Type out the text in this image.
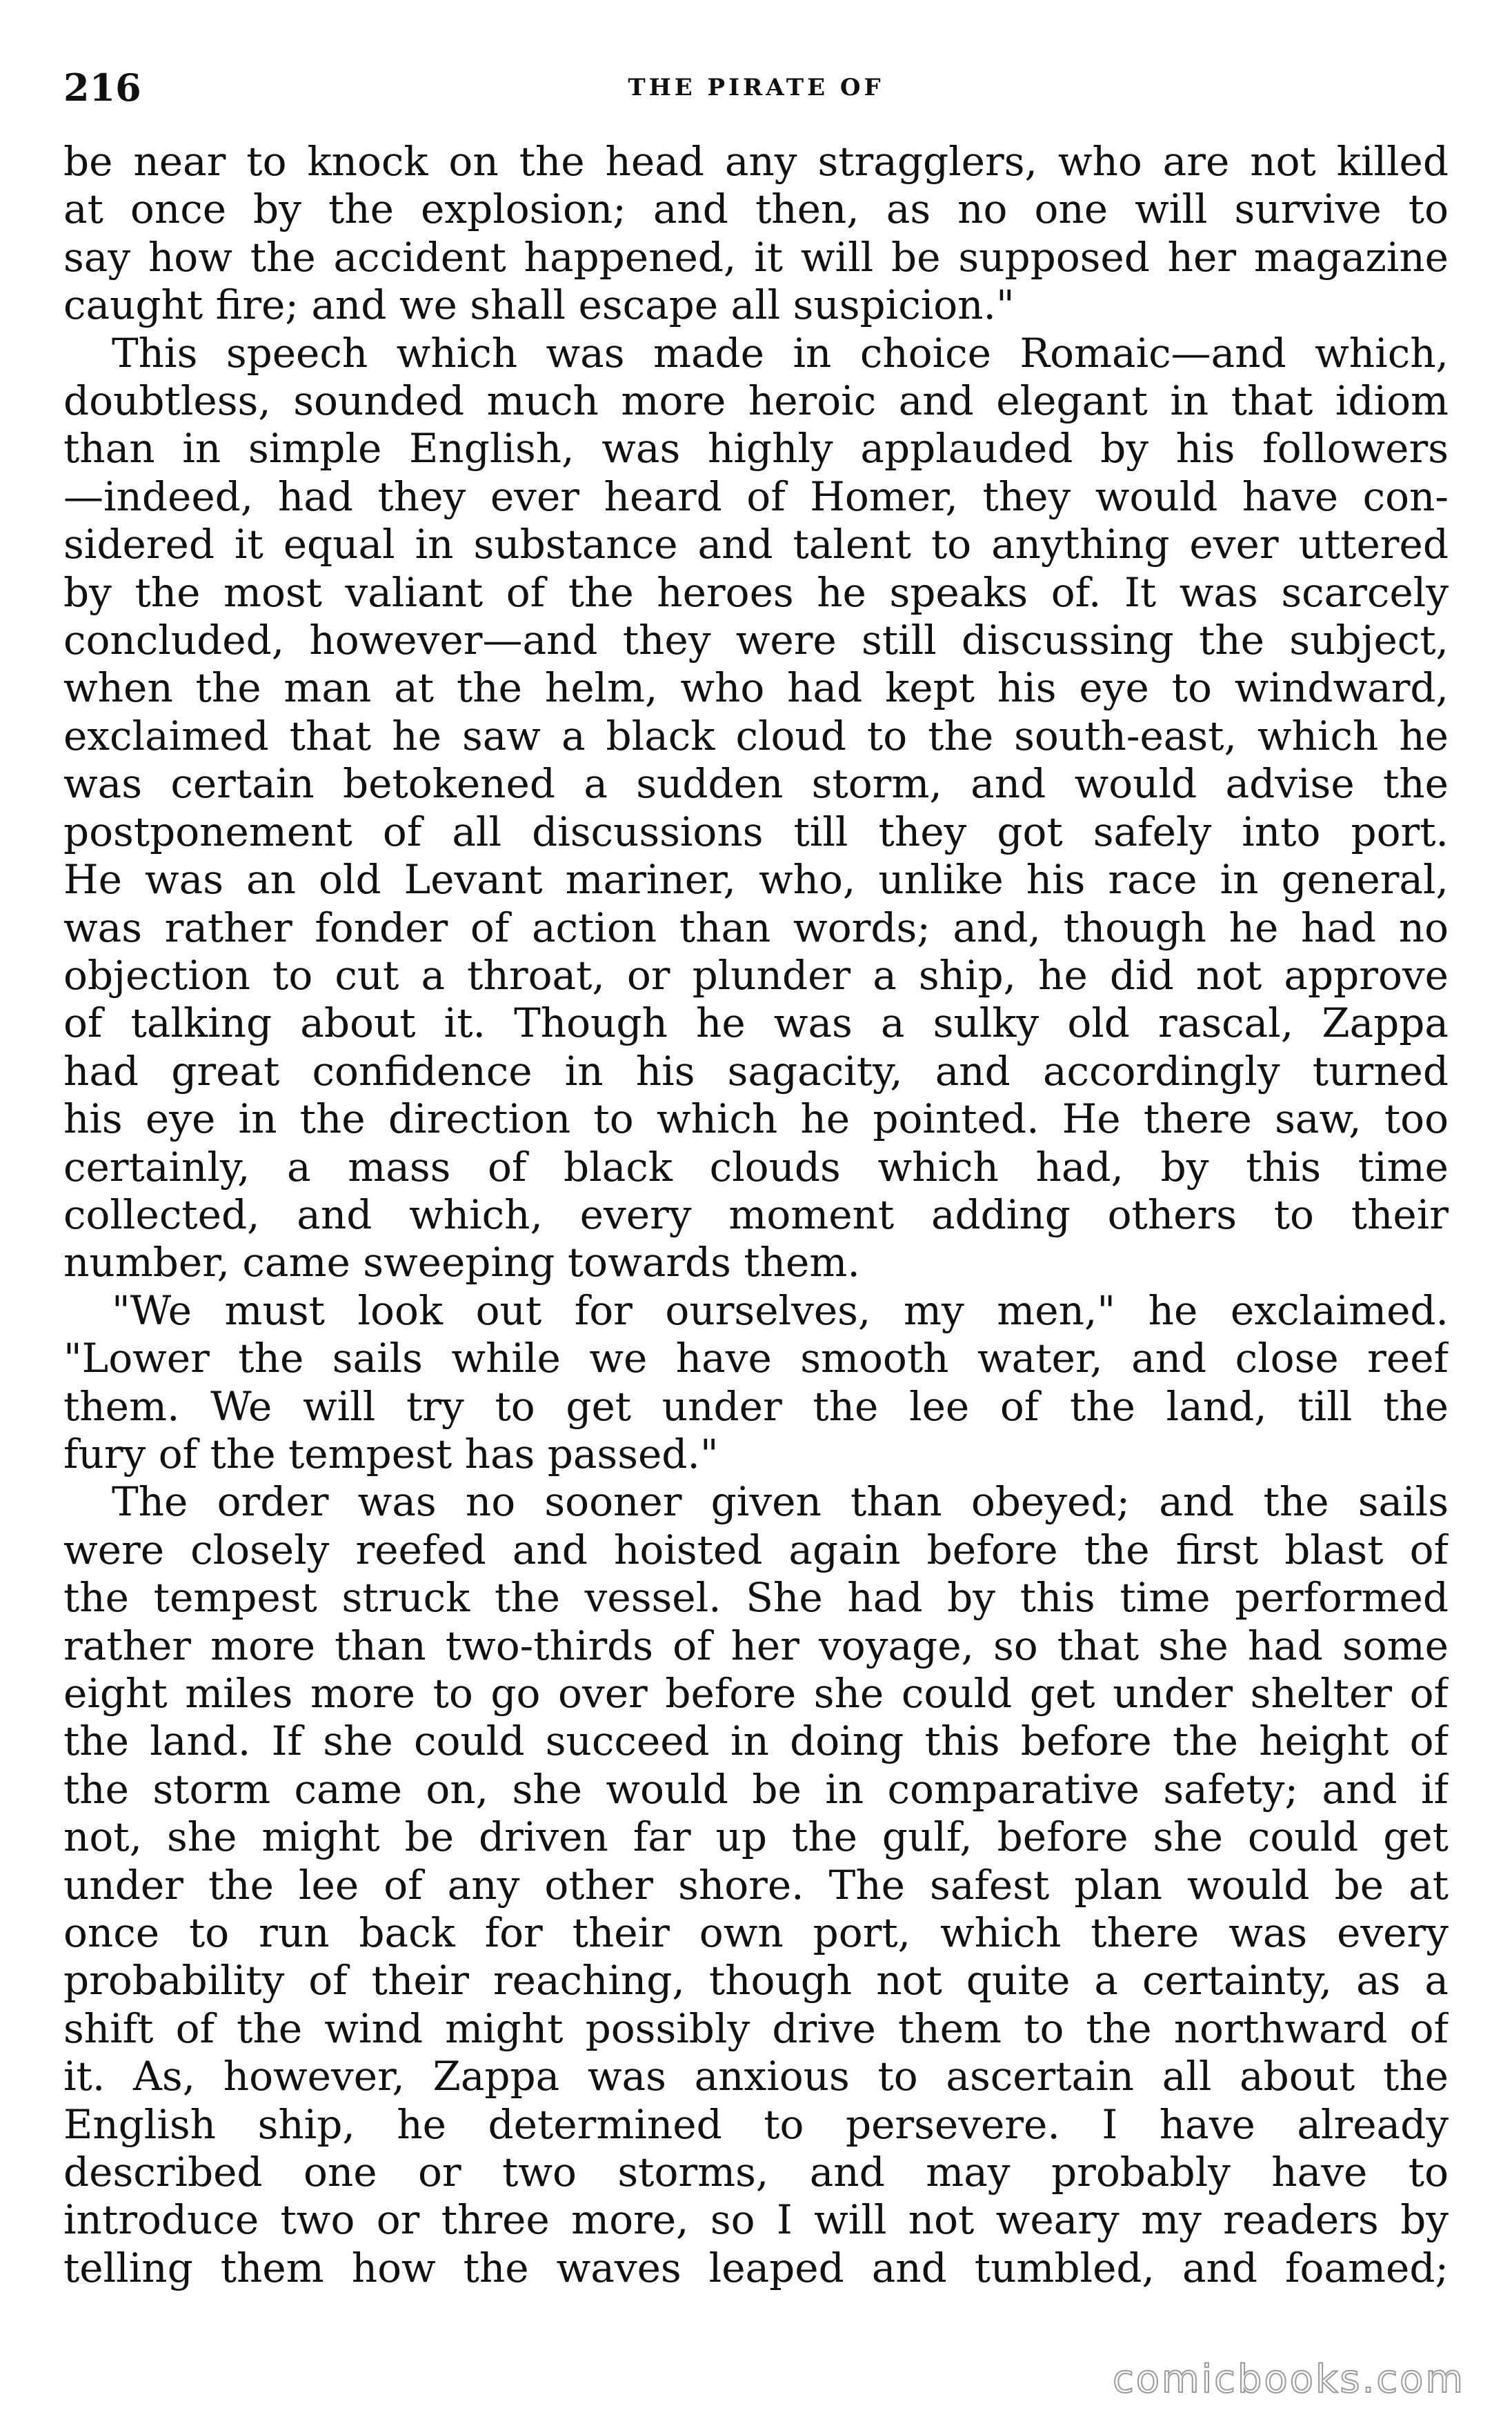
216	THE PIRATE OF
be near to knock on the head any stragglers, who are not killed
at once by the explosion; and then, as no one will survive to
say how the accident happened, it will be supposed her magazine
caught fire; and we shall escape all suspicion."
This speech which was made in choice Romaic—and which,
doubtless, sounded much more heroic and elegant in that idiom
than in simple English, was highly applauded by his followers
—indeed, had they ever heard of Homer, they would have con-
sidered it equal in substance and talent to anything ever uttered
by the most valiant of the heroes he speaks of. It was scarcely
concluded, however—and they were still discussing the subject,
when the man at the helm, who had kept his eye to windward,
exclaimed that he saw a black cloud to the south-east, which he
was certain betokened a sudden storm, and would advise the
postponement of all discussions till they got safely into port.
He was an old Levant mariner, who, unlike his race in general,
was rather fonder of action than words; and, though he had no
objection to cut a throat, or plunder a ship, he did not approve
of talking about it. Though he was a sulky old rascal, Zappa
had great confidence in his sagacity, and accordingly turned
his eye in the direction to which he pointed. He there saw, too
certainly, a mass of black clouds which had, by this time
collected, and which, every moment adding others to their
number, came sweeping towards them.
"We must look out for ourselves, my men," he exclaimed.
"Lower the sails while we have smooth water, and close reef
them. We will try to get under the lee of the land, till the
fury of the tempest has passed."
The order was no sooner given than obeyed; and the sails
were closely reefed and hoisted again before the first blast of
the tempest struck the vessel. She had by this time performed
rather more than two-thirds of her voyage, so that she had some
eight miles more to go over before she could get under shelter of
the land. If she could succeed in doing this before the height of
the storm came on, she would be in comparative safety; and if
not, she might be driven far up the gulf, before she could get
under the lee of any other shore. The safest plan would be at
once to run back for their own port, which there was every
probability of their reaching, though not quite a certainty, as a
shift of the wind might possibly drive them to the northward of
it. As, however, Zappa was anxious to ascertain all about the
English ship, he determined to persevere. I have already
described one or two storms, and may probably have to
introduce two or three more, so I will not weary my readers by
telling them how the waves leaped and tumbled, and foamed;
comicbooks.com
